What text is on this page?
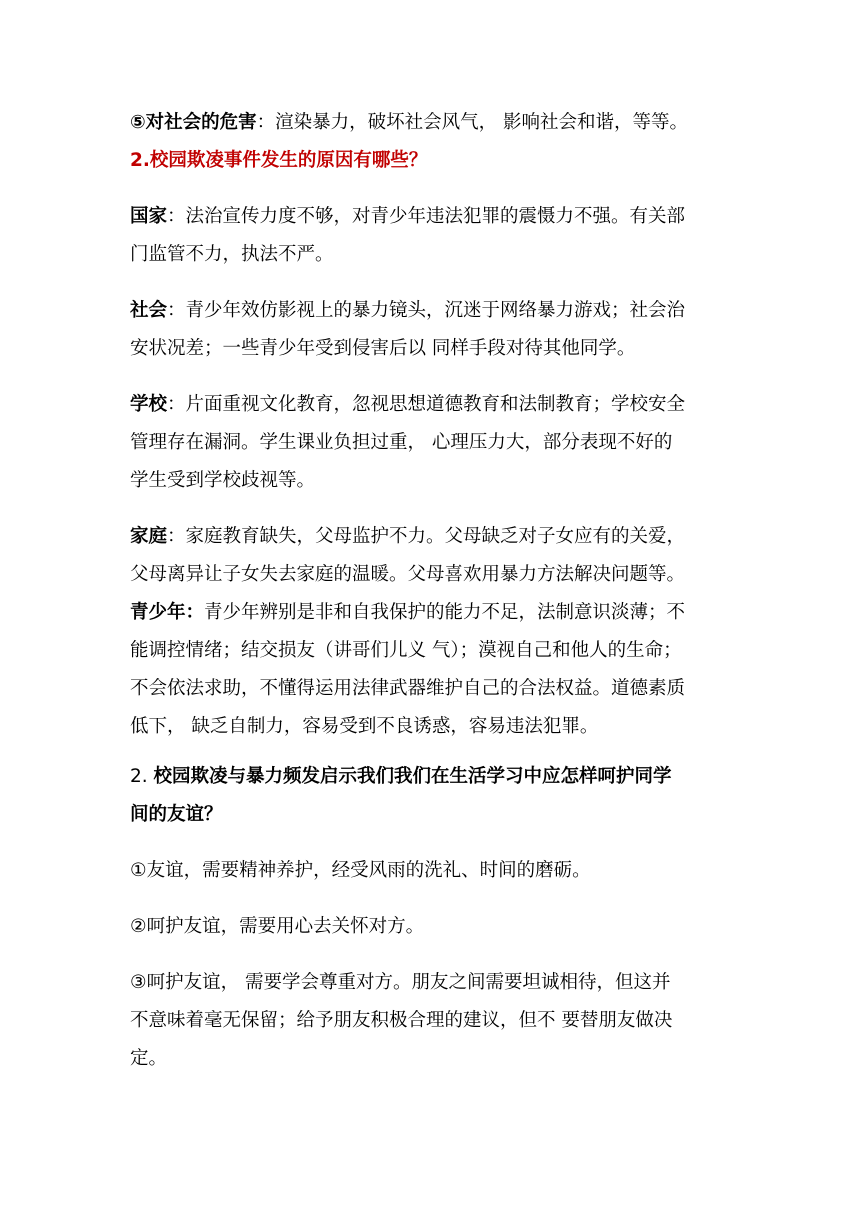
⑤对社会的危害：渲染暴力，破坏社会风气， 影响社会和谐，等等。
2.校园欺凌事件发生的原因有哪些？
国家：法治宣传力度不够，对青少年违法犯罪的震慑力不强。有关部
门监管不力，执法不严。
社会：青少年效仿影视上的暴力镜头，沉迷于网络暴力游戏；社会治
安状况差；一些青少年受到侵害后以 同样手段对待其他同学。
学校：片面重视文化教育，忽视思想道德教育和法制教育；学校安全
管理存在漏洞。学生课业负担过重， 心理压力大，部分表现不好的
学生受到学校歧视等。
家庭：家庭教育缺失，父母监护不力。父母缺乏对子女应有的关爱，
父母离异让子女失去家庭的温暖。父母喜欢用暴力方法解决问题等。
青少年：青少年辨别是非和自我保护的能力不足，法制意识淡薄；不
能调控情绪；结交损友（讲哥们儿义 气）；漠视自己和他人的生命；
不会依法求助，不懂得运用法律武器维护自己的合法权益。道德素质
低下， 缺乏自制力，容易受到不良诱惑，容易违法犯罪。
2. 校园欺凌与暴力频发启示我们我们在生活学习中应怎样呵护同学
间的友谊？
①友谊，需要精神养护，经受风雨的洗礼、时间的磨砺。
②呵护友谊，需要用心去关怀对方。
③呵护友谊， 需要学会尊重对方。朋友之间需要坦诚相待，但这并
不意味着毫无保留；给予朋友积极合理的建议，但不 要替朋友做决
定。
